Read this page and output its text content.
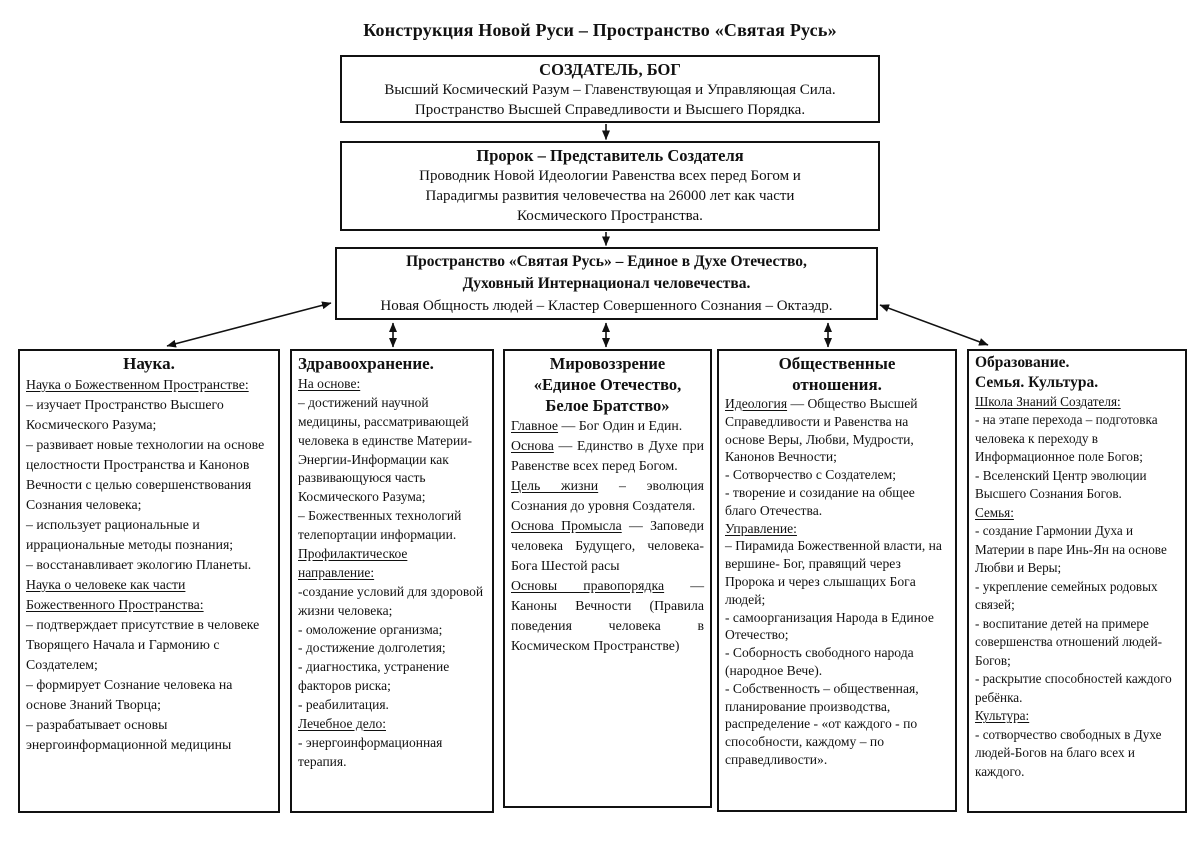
Конструкция Новой Руси – Пространство «Святая Русь»
СОЗДАТЕЛЬ, БОГ
Высший Космический Разум – Главенствующая и Управляющая Сила.
Пространство Высшей Справедливости и Высшего Порядка.
Пророк – Представитель Создателя
Проводник Новой Идеологии Равенства всех перед Богом и
Парадигмы развития человечества на 26000 лет как части
Космического Пространства.
Пространство «Святая Русь» – Единое в Духе Отечество,
Духовный Интернационал человечества.
Новая Общность людей – Кластер Совершенного Сознания – Октаэдр.
Наука.
Наука о Божественном Пространстве:
– изучает Пространство Высшего Космического Разума;
– развивает новые технологии на основе целостности Пространства и Канонов Вечности с целью совершенствования Сознания человека;
– использует рациональные и иррациональные методы познания;
– восстанавливает экологию Планеты.
Наука о человеке как части Божественного Пространства:
– подтверждает присутствие в человеке Творящего Начала и Гармонию с Создателем;
– формирует Сознание человека на основе Знаний Творца;
– разрабатывает основы энергоинформационной медицины
Здравоохранение.
На основе:
– достижений научной медицины, рассматривающей человека в единстве Материи-Энергии-Информации как развивающуюся часть Космического Разума;
– Божественных технологий телепортации информации.
Профилактическое направление:
-создание условий для здоровой жизни человека;
- омоложение организма;
- достижение долголетия;
- диагностика, устранение факторов риска;
- реабилитация.
Лечебное дело:
- энергоинформационная терапия.
Мировоззрение
«Единое Отечество,
Белое Братство»
Главное — Бог Один и Един.
Основа — Единство в Духе при Равенстве всех перед Богом.
Цель жизни – эволюция Сознания до уровня Создателя.
Основа Промысла — Заповеди человека Будущего, человека-Бога Шестой расы
Основы правопорядка — Каноны Вечности (Правила поведения человека в Космическом Пространстве)
Общественные
отношения.
Идеология — Общество Высшей Справедливости и Равенства на основе Веры, Любви, Мудрости, Канонов Вечности;
- Сотворчество с Создателем;
- творение и созидание на общее благо Отечества.
Управление:
– Пирамида Божественной власти, на вершине- Бог, правящий через Пророка и через слышащих Бога людей;
- самоорганизация Народа в Единое Отечество;
- Соборность свободного народа (народное Вече).
- Собственность – общественная, планирование производства, распределение - «от каждого - по способности, каждому – по справедливости».
Образование.
Семья. Культура.
Школа Знаний Создателя:
- на этапе перехода – подготовка человека к переходу в Информационное поле Богов;
- Вселенский Центр эволюции Высшего Сознания Богов.
Семья:
- создание Гармонии Духа и Материи в паре Инь-Ян на основе Любви и Веры;
- укрепление семейных родовых связей;
- воспитание детей на примере совершенства отношений людей-Богов;
- раскрытие способностей каждого ребёнка.
Культура:
- сотворчество свободных в Духе людей-Богов на благо всех и каждого.
